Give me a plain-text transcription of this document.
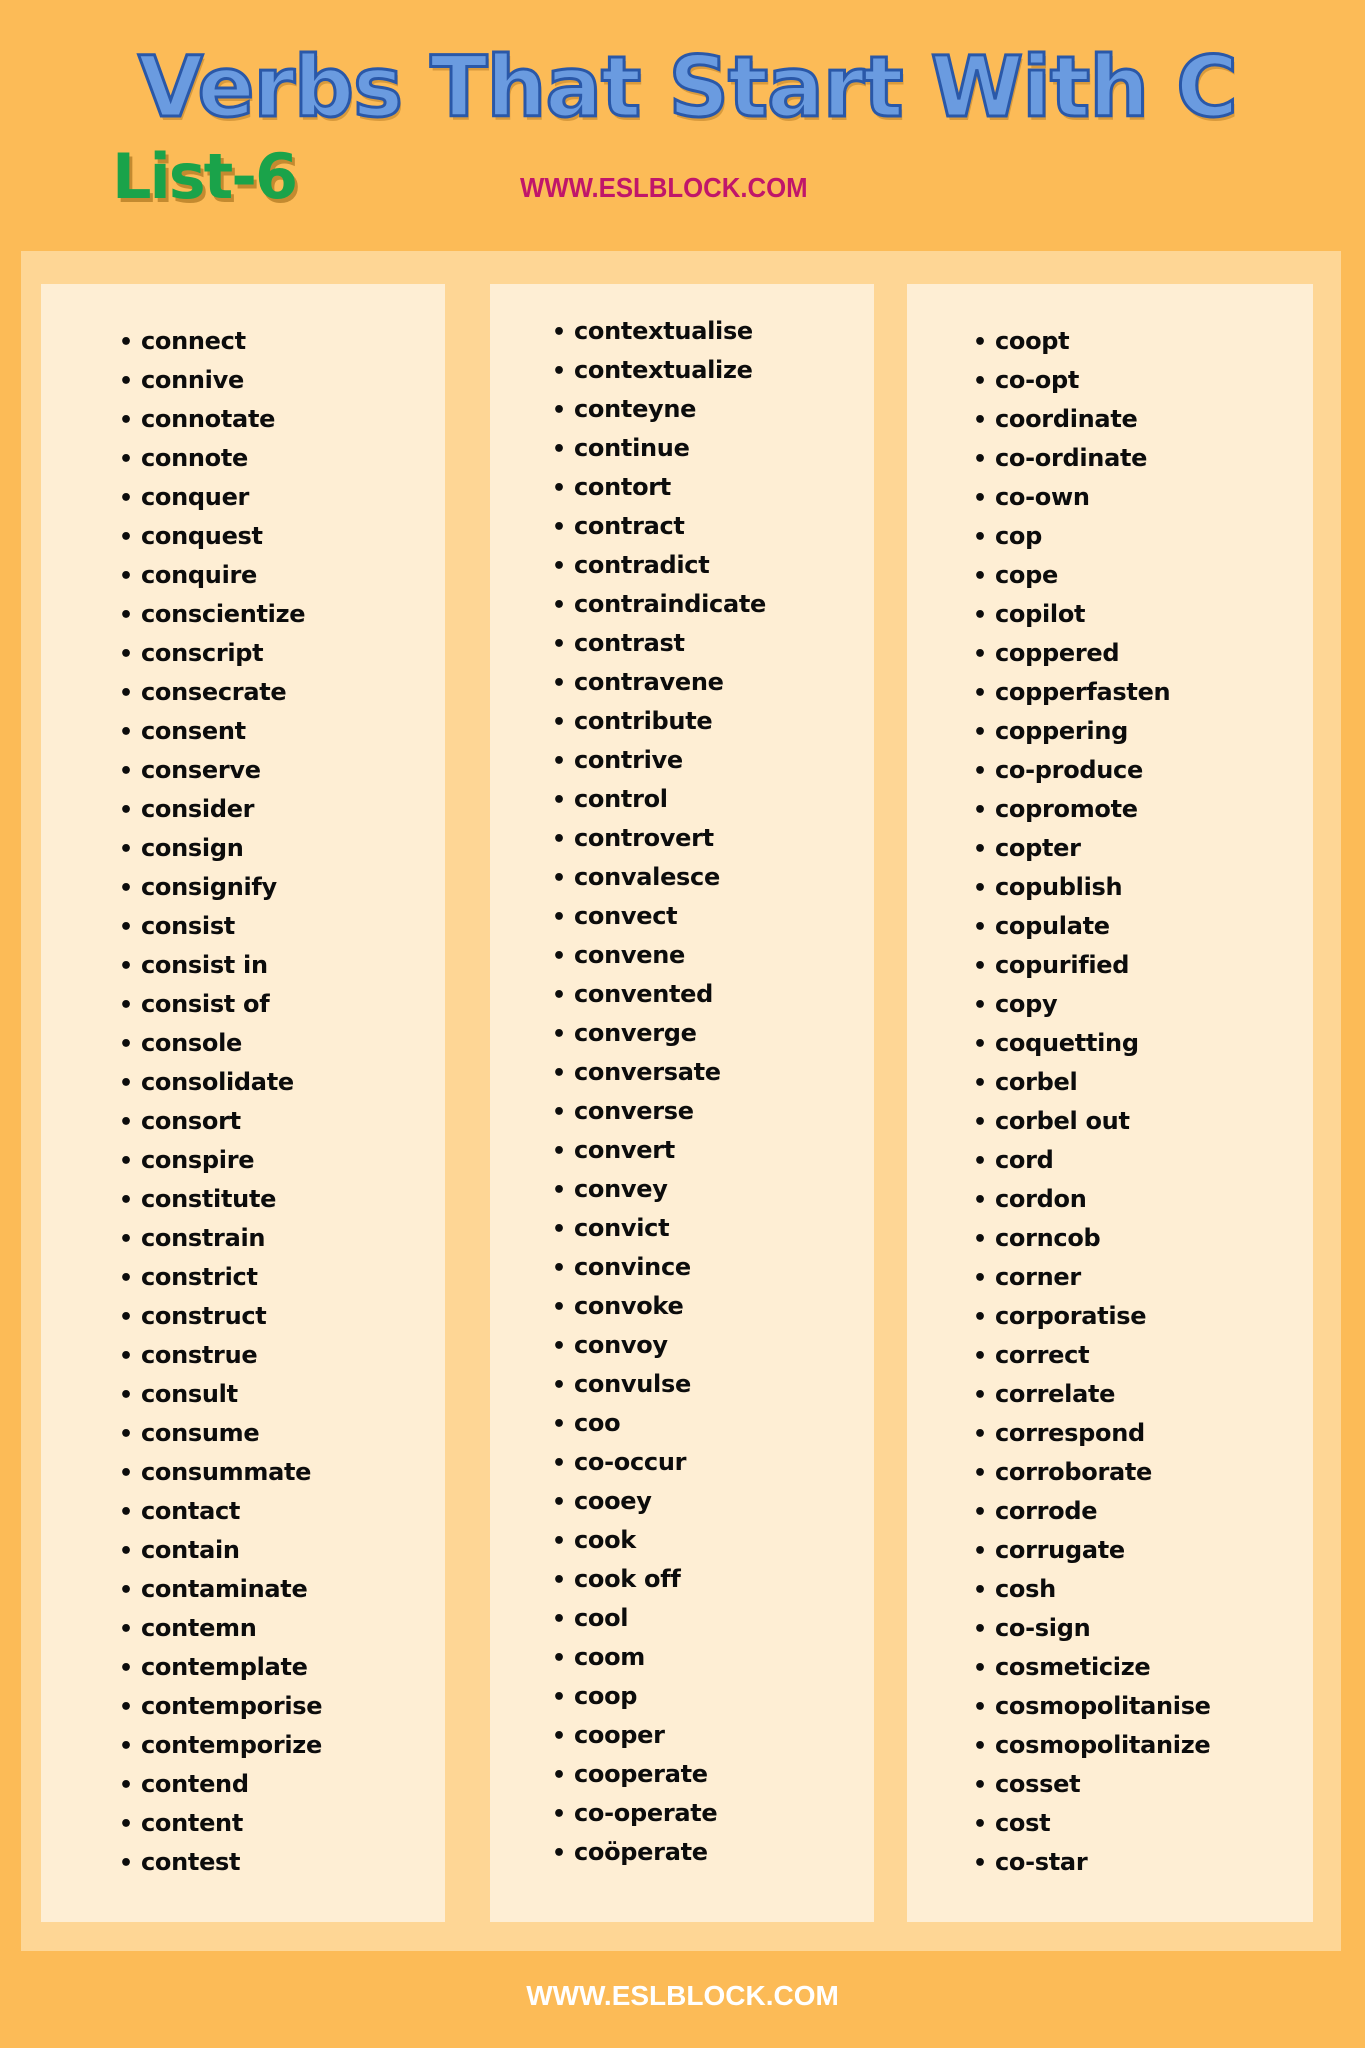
Verbs That Start With C
List-6	WWW.ESLBLOCK.COM
• connect
• connive
• connotate
• connote
• conquer
• conquest
• conquire
• conscientize
• conscript
• consecrate
• consent
• conserve
• consider
• consign
• consignify
• consist
• consist in
• consist of
• console
• consolidate
• consort
• conspire
• constitute
• constrain
• constrict
• construct
• construe
• consult
• consume
• consummate
• contact
• contain
• contaminate
• contemn
• contemplate
• contemporise
• contemporize
• contend
• content
• contest
• contextualise
• contextualize
• conteyne
• continue
• contort
• contract
• contradict
• contraindicate
• contrast
• contravene
• contribute
• contrive
• control
• controvert
• convalesce
• convect
• convene
• convented
• converge
• conversate
• converse
• convert
• convey
• convict
• convince
• convoke
• convoy
• convulse
• coo
• co-occur
• cooey
• cook
• cook off
• cool
• coom
• coop
• cooper
• cooperate
• co-operate
• coöperate
• coopt
• co-opt
• coordinate
• co-ordinate
• co-own
• cop
• cope
• copilot
• coppered
• copperfasten
• coppering
• co-produce
• copromote
• copter
• copublish
• copulate
• copurified
• copy
• coquetting
• corbel
• corbel out
• cord
• cordon
• corncob
• corner
• corporatise
• correct
• correlate
• correspond
• corroborate
• corrode
• corrugate
• cosh
• co-sign
• cosmeticize
• cosmopolitanise
• cosmopolitanize
• cosset
• cost
• co-star
WWW.ESLBLOCK.COM
